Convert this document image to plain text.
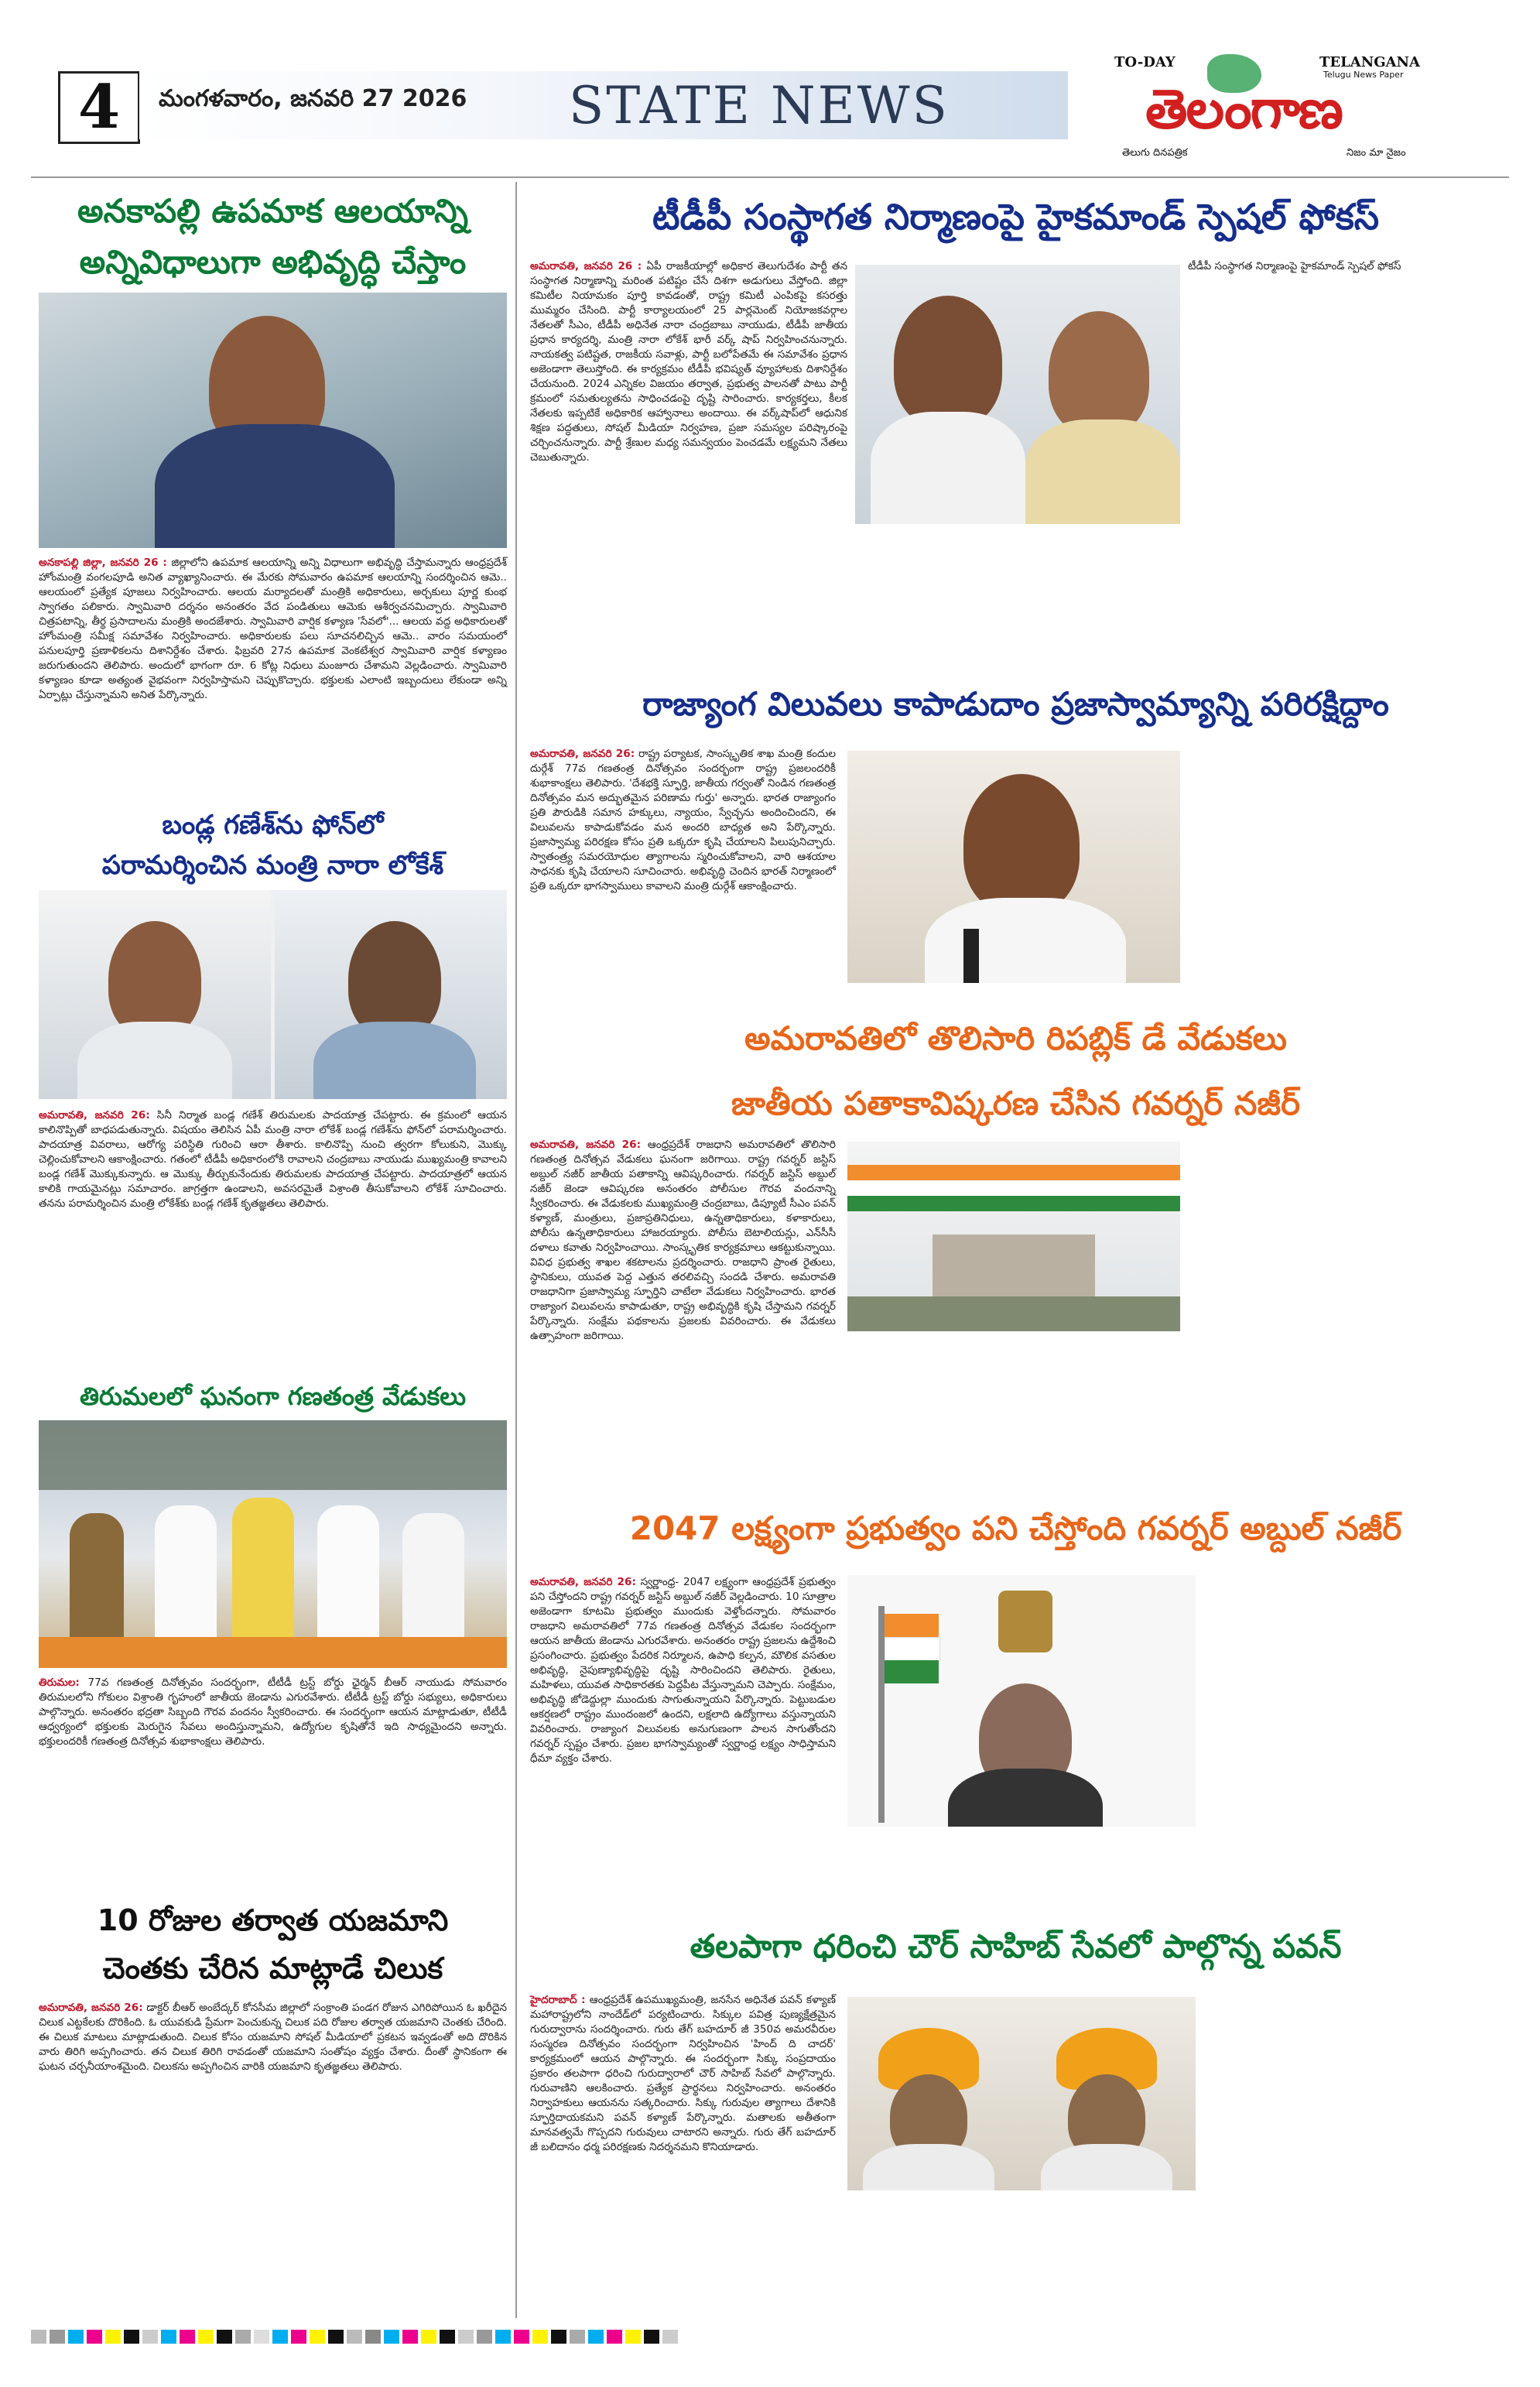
4	మంగళవారం, జనవరి 27 2026 STATE NEWS
TO-DAY	TELANGANA
Telugu News Paper
తెలంగాణ
తెలుగు దినపత్రిక	నిజం మా నైజం
అనకాపల్లి ఉపమాక ఆలయాన్ని
అన్నివిధాలుగా అభివృద్ధి చేస్తాం
అనకాపల్లి జిల్లా, జనవరి 26 : జిల్లాలోని ఉపమాక ఆలయాన్ని అన్ని విధాలుగా అభివృద్ధి చేస్తామన్నారు ఆంధ్రప్రదేశ్ హోంమంత్రి వంగలపూడి అనిత వ్యాఖ్యానించారు. ఈ మేరకు సోమవారం ఉపమాక ఆలయాన్ని సందర్శించిన ఆమె.. ఆలయంలో ప్రత్యేక పూజలు నిర్వహించారు. ఆలయ మర్యాదలతో మంత్రికి అధికారులు, అర్చకులు పూర్ణ కుంభ స్వాగతం పలికారు. స్వామివారి దర్శనం అనంతరం వేద పండితులు ఆమెకు ఆశీర్వచనమిచ్చారు. స్వామివారి చిత్రపటాన్ని, తీర్థ ప్రసాదాలను మంత్రికి అందజేశారు. స్వామివారి వార్షిక కళ్యాణ 'సేవలో'... ఆలయ వద్ద అధికారులతో హోంమంత్రి సమీక్ష సమావేశం నిర్వహించారు. అధికారులకు పలు సూచనలిచ్చిన ఆమె.. వారం సమయంలో పనులపూర్తి ప్రణాళికలను దిశానిర్దేశం చేశారు. ఫిబ్రవరి 27న ఉపమాక వెంకటేశ్వర స్వామివారి వార్షిక కళ్యాణం జరుగుతుందని తెలిపారు. అందులో భాగంగా రూ. 6 కోట్ల నిధులు మంజూరు చేశామని వెల్లడించారు. స్వామివారి కళ్యాణం కూడా అత్యంత వైభవంగా నిర్వహిస్తామని చెప్పుకొచ్చారు. భక్తులకు ఎలాంటి ఇబ్బందులు లేకుండా అన్ని ఏర్పాట్లు చేస్తున్నామని అనిత పేర్కొన్నారు.
బండ్ల గణేశ్‌ను ఫోన్‌లో
పరామర్శించిన మంత్రి నారా లోకేశ్
అమరావతి, జనవరి 26: సినీ నిర్మాత బండ్ల గణేశ్ తిరుమలకు పాదయాత్ర చేపట్టారు. ఈ క్రమంలో ఆయన కాలినొప్పితో బాధపడుతున్నారు. విషయం తెలిసిన ఏపీ మంత్రి నారా లోకేశ్ బండ్ల గణేశ్‌ను ఫోన్‌లో పరామర్శించారు. పాదయాత్ర వివరాలు, ఆరోగ్య పరిస్థితి గురించి ఆరా తీశారు. కాలినొప్పి నుంచి త్వరగా కోలుకుని, మొక్కు చెల్లించుకోవాలని ఆకాంక్షించారు. గతంలో టీడీపీ అధికారంలోకి రావాలని చంద్రబాబు నాయుడు ముఖ్యమంత్రి కావాలని బండ్ల గణేశ్ మొక్కుకున్నారు. ఆ మొక్కు తీర్చుకునేందుకు తిరుమలకు పాదయాత్ర చేపట్టారు. పాదయాత్రలో ఆయన కాలికి గాయమైనట్లు సమాచారం. జాగ్రత్తగా ఉండాలని, అవసరమైతే విశ్రాంతి తీసుకోవాలని లోకేశ్ సూచించారు. తనను పరామర్శించిన మంత్రి లోకేశ్‌కు బండ్ల గణేశ్ కృతజ్ఞతలు తెలిపారు.
తిరుమలలో ఘనంగా గణతంత్ర వేడుకలు
తిరుమల: 77వ గణతంత్ర దినోత్సవం సందర్భంగా, టీటీడీ ట్రస్ట్ బోర్డు ఛైర్మన్ బీఆర్ నాయుడు సోమవారం తిరుమలలోని గోకులం విశ్రాంతి గృహంలో జాతీయ జెండాను ఎగురవేశారు. టీటీడీ ట్రస్ట్ బోర్డు సభ్యులు, అధికారులు పాల్గొన్నారు. అనంతరం భద్రతా సిబ్బంది గౌరవ వందనం స్వీకరించారు. ఈ సందర్భంగా ఆయన మాట్లాడుతూ, టీటీడీ ఆధ్వర్యంలో భక్తులకు మెరుగైన సేవలు అందిస్తున్నామని, ఉద్యోగుల కృషితోనే ఇది సాధ్యమైందని అన్నారు. భక్తులందరికీ గణతంత్ర దినోత్సవ శుభాకాంక్షలు తెలిపారు.
10 రోజుల తర్వాత యజమాని
చెంతకు చేరిన మాట్లాడే చిలుక
అమరావతి, జనవరి 26: డాక్టర్ బీఆర్ అంబేద్కర్ కోనసీమ జిల్లాలో సంక్రాంతి పండగ రోజున ఎగిరిపోయిన ఓ ఖరీదైన చిలుక ఎట్టకేలకు దొరికింది. ఓ యువకుడి ప్రేమగా పెంచుకున్న చిలుక పది రోజుల తర్వాత యజమాని చెంతకు చేరింది. ఈ చిలుక మాటలు మాట్లాడుతుంది. చిలుక కోసం యజమాని సోషల్ మీడియాలో ప్రకటన ఇవ్వడంతో అది దొరికిన వారు తిరిగి అప్పగించారు. తన చిలుక తిరిగి రావడంతో యజమాని సంతోషం వ్యక్తం చేశారు. దీంతో స్థానికంగా ఈ ఘటన చర్చనీయాంశమైంది. చిలుకను అప్పగించిన వారికి యజమాని కృతజ్ఞతలు తెలిపారు.
టీడీపీ సంస్థాగత నిర్మాణంపై హైకమాండ్ స్పెషల్ ఫోకస్
అమరావతి, జనవరి 26 : ఏపీ రాజకీయాల్లో అధికార తెలుగుదేశం పార్టీ తన సంస్థాగత నిర్మాణాన్ని మరింత పటిష్టం చేసే దిశగా అడుగులు వేస్తోంది. జిల్లా కమిటీల నియామకం పూర్తి కావడంతో, రాష్ట్ర కమిటీ ఎంపికపై కసరత్తు ముమ్మరం చేసింది. పార్టీ కార్యాలయంలో 25 పార్లమెంట్ నియోజకవర్గాల నేతలతో సీఎం, టీడీపీ అధినేత నారా చంద్రబాబు నాయుడు, టీడీపీ జాతీయ ప్రధాన కార్యదర్శి, మంత్రి నారా లోకేశ్ భారీ వర్క్ షాప్ నిర్వహించనున్నారు. నాయకత్వ పటిష్టత, రాజకీయ సవాళ్లు, పార్టీ బలోపేతమే ఈ సమావేశం ప్రధాన అజెండాగా తెలుస్తోంది. ఈ కార్యక్రమం టీడీపీ భవిష్యత్ వ్యూహాలకు దిశానిర్దేశం చేయనుంది. 2024 ఎన్నికల విజయం తర్వాత, ప్రభుత్వ పాలనతో పాటు పార్టీ క్రమంలో సమతుల్యతను సాధించడంపై దృష్టి సారించారు. కార్యకర్తలు, కీలక నేతలకు ఇప్పటికే అధికారిక ఆహ్వానాలు అందాయి. ఈ వర్క్‌షాప్‌లో ఆధునిక శిక్షణ పద్ధతులు, సోషల్ మీడియా నిర్వహణ, ప్రజా సమస్యల పరిష్కారంపై చర్చించనున్నారు. పార్టీ శ్రేణుల మధ్య సమన్వయం పెంచడమే లక్ష్యమని నేతలు చెబుతున్నారు.
టీడీపీ సంస్థాగత నిర్మాణంపై హైకమాండ్ స్పెషల్ ఫోకస్
రాజ్యాంగ విలువలు కాపాడుదాం ప్రజాస్వామ్యాన్ని పరిరక్షిద్దాం
అమరావతి, జనవరి 26: రాష్ట్ర పర్యాటక, సాంస్కృతిక శాఖ మంత్రి కందుల దుర్గేశ్ 77వ గణతంత్ర దినోత్సవం సందర్భంగా రాష్ట్ర ప్రజలందరికీ శుభాకాంక్షలు తెలిపారు. 'దేశభక్తి స్ఫూర్తి, జాతీయ గర్వంతో నిండిన గణతంత్ర దినోత్సవం మన అద్భుతమైన పరిణామ గుర్తు' అన్నారు. భారత రాజ్యాంగం ప్రతి పౌరుడికి సమాన హక్కులు, న్యాయం, స్వేచ్ఛను అందించిందని, ఈ విలువలను కాపాడుకోవడం మన అందరి బాధ్యత అని పేర్కొన్నారు. ప్రజాస్వామ్య పరిరక్షణ కోసం ప్రతి ఒక్కరూ కృషి చేయాలని పిలుపునిచ్చారు. స్వాతంత్ర్య సమరయోధుల త్యాగాలను స్మరించుకోవాలని, వారి ఆశయాల సాధనకు కృషి చేయాలని సూచించారు. అభివృద్ధి చెందిన భారత్ నిర్మాణంలో ప్రతి ఒక్కరూ భాగస్వాములు కావాలని మంత్రి దుర్గేశ్ ఆకాంక్షించారు.
అమరావతిలో తొలిసారి రిపబ్లిక్ డే వేడుకలు
జాతీయ పతాకావిష్కరణ చేసిన గవర్నర్ నజీర్
అమరావతి, జనవరి 26: ఆంధ్రప్రదేశ్ రాజధాని అమరావతిలో తొలిసారి గణతంత్ర దినోత్సవ వేడుకలు ఘనంగా జరిగాయి. రాష్ట్ర గవర్నర్ జస్టిస్ అబ్దుల్ నజీర్ జాతీయ పతాకాన్ని ఆవిష్కరించారు. గవర్నర్ జస్టిస్ అబ్దుల్ నజీర్ జెండా ఆవిష్కరణ అనంతరం పోలీసుల గౌరవ వందనాన్ని స్వీకరించారు. ఈ వేడుకలకు ముఖ్యమంత్రి చంద్రబాబు, డిప్యూటీ సీఎం పవన్ కళ్యాణ్, మంత్రులు, ప్రజాప్రతినిధులు, ఉన్నతాధికారులు, కళాకారులు, పోలీసు ఉన్నతాధికారులు హాజరయ్యారు. పోలీసు బెటాలియన్లు, ఎన్‌సీసీ దళాలు కవాతు నిర్వహించాయి. సాంస్కృతిక కార్యక్రమాలు ఆకట్టుకున్నాయి. వివిధ ప్రభుత్వ శాఖల శకటాలను ప్రదర్శించారు. రాజధాని ప్రాంత రైతులు, స్థానికులు, యువత పెద్ద ఎత్తున తరలివచ్చి సందడి చేశారు. అమరావతి రాజధానిగా ప్రజాస్వామ్య స్ఫూర్తిని చాటేలా వేడుకలు నిర్వహించారు. భారత రాజ్యాంగ విలువలను కాపాడుతూ, రాష్ట్ర అభివృద్ధికి కృషి చేస్తామని గవర్నర్ పేర్కొన్నారు. సంక్షేమ పథకాలను ప్రజలకు వివరించారు. ఈ వేడుకలు ఉత్సాహంగా జరిగాయి.
2047 లక్ష్యంగా ప్రభుత్వం పని చేస్తోంది గవర్నర్ అబ్దుల్ నజీర్
అమరావతి, జనవరి 26: స్వర్ణాంధ్ర- 2047 లక్ష్యంగా ఆంధ్రప్రదేశ్ ప్రభుత్వం పని చేస్తోందని రాష్ట్ర గవర్నర్ జస్టిస్ అబ్దుల్ నజీర్ వెల్లడించారు. 10 సూత్రాల అజెండాగా కూటమి ప్రభుత్వం ముందుకు వెళ్తోందన్నారు. సోమవారం రాజధాని అమరావతిలో 77వ గణతంత్ర దినోత్సవ వేడుకల సందర్భంగా ఆయన జాతీయ జెండాను ఎగురవేశారు. అనంతరం రాష్ట్ర ప్రజలను ఉద్దేశించి ప్రసంగించారు. ప్రభుత్వం పేదరిక నిర్మూలన, ఉపాధి కల్పన, మౌలిక వసతుల అభివృద్ధి, నైపుణ్యాభివృద్ధిపై దృష్టి సారించిందని తెలిపారు. రైతులు, మహిళలు, యువత సాధికారతకు పెద్దపీట వేస్తున్నామని చెప్పారు. సంక్షేమం, అభివృద్ధి జోడెద్దుల్లా ముందుకు సాగుతున్నాయని పేర్కొన్నారు. పెట్టుబడుల ఆకర్షణలో రాష్ట్రం ముందంజలో ఉందని, లక్షలాది ఉద్యోగాలు వస్తున్నాయని వివరించారు. రాజ్యాంగ విలువలకు అనుగుణంగా పాలన సాగుతోందని గవర్నర్ స్పష్టం చేశారు. ప్రజల భాగస్వామ్యంతో స్వర్ణాంధ్ర లక్ష్యం సాధిస్తామని ధీమా వ్యక్తం చేశారు.
తలపాగా ధరించి చౌర్ సాహిబ్ సేవలో పాల్గొన్న పవన్
హైదరాబాద్ : ఆంధ్రప్రదేశ్ ఉపముఖ్యమంత్రి, జనసేన అధినేత పవన్ కళ్యాణ్ మహారాష్ట్రలోని నాందేడ్‌లో పర్యటించారు. సిక్కుల పవిత్ర పుణ్యక్షేత్రమైన గురుద్వారాను సందర్శించారు. గురు తేగ్ బహదూర్ జీ 350వ అమరవీరుల సంస్మరణ దినోత్సవం సందర్భంగా నిర్వహించిన 'హింద్ ది చాదర్' కార్యక్రమంలో ఆయన పాల్గొన్నారు. ఈ సందర్భంగా సిక్కు సంప్రదాయం ప్రకారం తలపాగా ధరించి గురుద్వారాలో చౌర్ సాహిబ్ సేవలో పాల్గొన్నారు. గురువాణిని ఆలకించారు. ప్రత్యేక ప్రార్థనలు నిర్వహించారు. అనంతరం నిర్వాహకులు ఆయనను సత్కరించారు. సిక్కు గురువుల త్యాగాలు దేశానికి స్ఫూర్తిదాయకమని పవన్ కళ్యాణ్ పేర్కొన్నారు. మతాలకు అతీతంగా మానవత్వమే గొప్పదని గురువులు చాటారని అన్నారు. గురు తేగ్ బహదూర్ జీ బలిదానం ధర్మ పరిరక్షణకు నిదర్శనమని కొనియాడారు.
